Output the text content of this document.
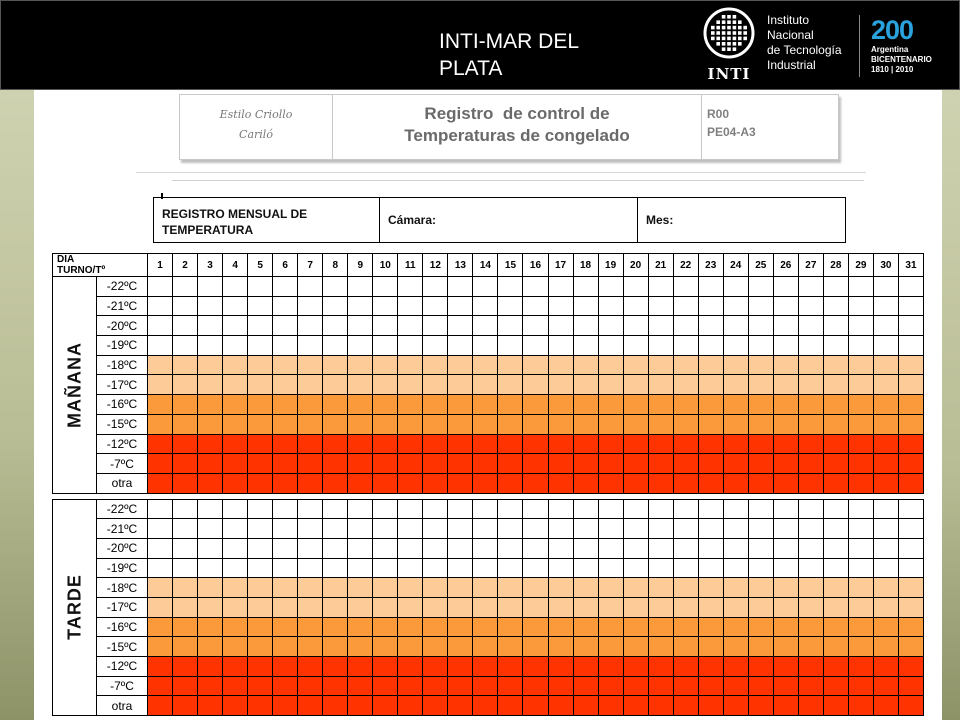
INTI-MAR DEL PLATA	INTI
Instituto
Nacional
de Tecnología
Industrial
200
Argentina
BICENTENARIO
1810 | 2010
Estilo Criollo
Cariló
Registro  de control de
Temperaturas de congelado
R00
PE04-A3
REGISTRO MENSUAL DE
TEMPERATURA
Cámara:	Mes:
DIA
TURNO/Tº		1	2	3	4	5	6	7	8	9	10	11	12	13	14	15	16	17	18	19	20	21	22	23	24	25	26	27	28	29	30	31

MAÑANA	-22ºC																															
	-21ºC																															
	-20ºC																															
	-19ºC																															
	-18ºC																															
	-17ºC																															
	-16ºC																															
	-15ºC																															
	-12ºC																															
	-7ºC																															
	otra																															

TARDE	-22ºC																															
	-21ºC																															
	-20ºC																															
	-19ºC																															
	-18ºC																															
	-17ºC																															
	-16ºC																															
	-15ºC																															
	-12ºC																															
	-7ºC																															
	otra																															
